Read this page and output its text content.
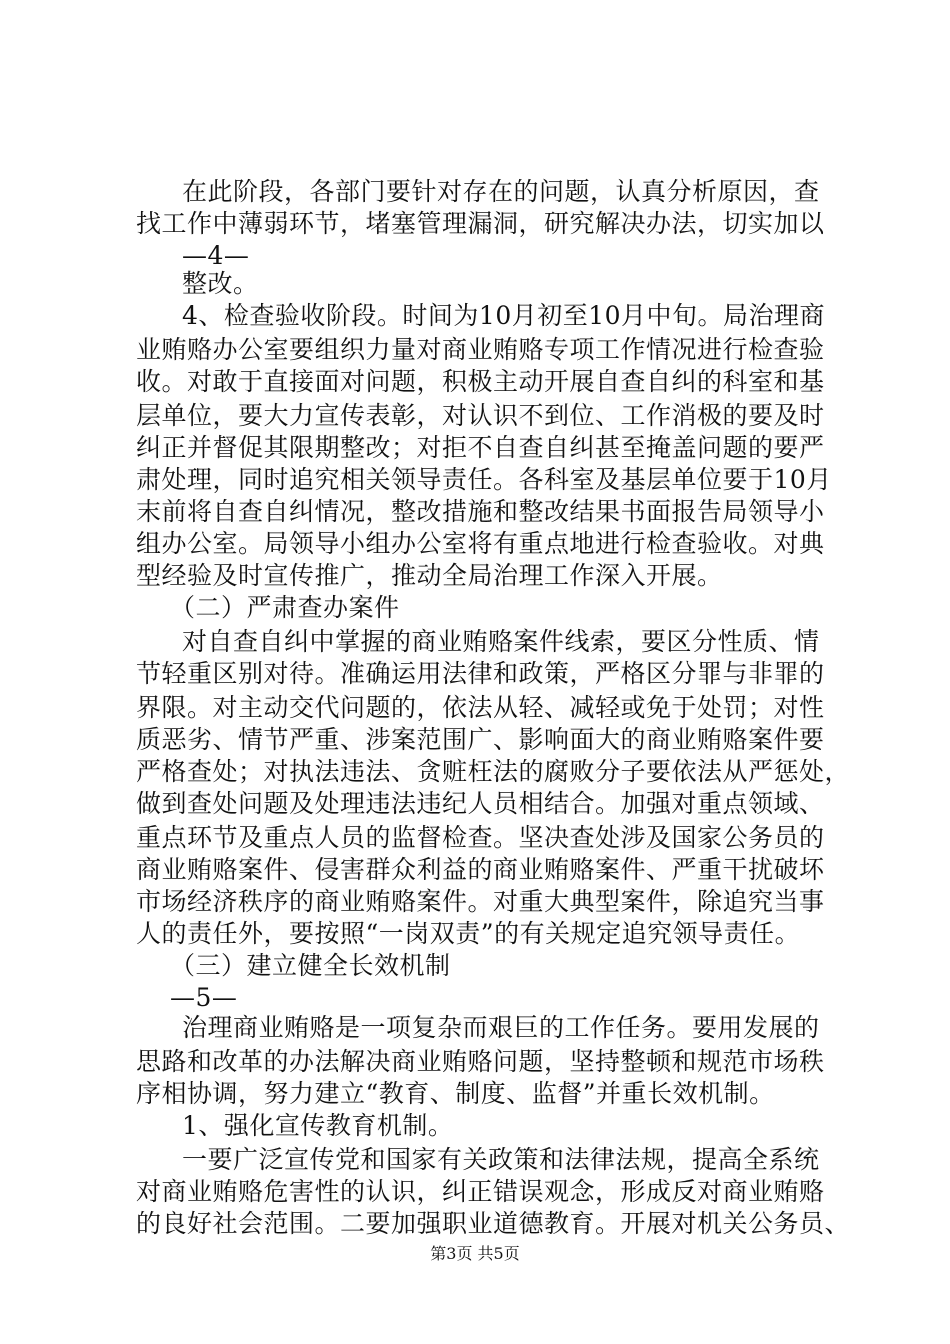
在此阶段，各部门要针对存在的问题，认真分析原因，查

找工作中薄弱环节，堵塞管理漏洞，研究解决办法，切实加以

—4—

整改。

4、检查验收阶段。时间为10月初至10月中旬。局治理商

业贿赂办公室要组织力量对商业贿赂专项工作情况进行检查验

收。对敢于直接面对问题，积极主动开展自查自纠的科室和基

层单位，要大力宣传表彰，对认识不到位、工作消极的要及时

纠正并督促其限期整改；对拒不自查自纠甚至掩盖问题的要严

肃处理，同时追究相关领导责任。各科室及基层单位要于10月

末前将自查自纠情况，整改措施和整改结果书面报告局领导小

组办公室。局领导小组办公室将有重点地进行检查验收。对典

型经验及时宣传推广，推动全局治理工作深入开展。

（二）严肃查办案件

对自查自纠中掌握的商业贿赂案件线索，要区分性质、情

节轻重区别对待。准确运用法律和政策，严格区分罪与非罪的

界限。对主动交代问题的，依法从轻、减轻或免于处罚；对性

质恶劣、情节严重、涉案范围广、影响面大的商业贿赂案件要

严格查处；对执法违法、贪赃枉法的腐败分子要依法从严惩处，

做到查处问题及处理违法违纪人员相结合。加强对重点领域、

重点环节及重点人员的监督检查。坚决查处涉及国家公务员的

商业贿赂案件、侵害群众利益的商业贿赂案件、严重干扰破坏

市场经济秩序的商业贿赂案件。对重大典型案件，除追究当事

人的责任外，要按照“一岗双责”的有关规定追究领导责任。

（三）建立健全长效机制

—5—

治理商业贿赂是一项复杂而艰巨的工作任务。要用发展的

思路和改革的办法解决商业贿赂问题，坚持整顿和规范市场秩

序相协调，努力建立“教育、制度、监督”并重长效机制。

1、强化宣传教育机制。

一要广泛宣传党和国家有关政策和法律法规，提高全系统

对商业贿赂危害性的认识，纠正错误观念，形成反对商业贿赂

的良好社会范围。二要加强职业道德教育。开展对机关公务员、

第3页 共5页
